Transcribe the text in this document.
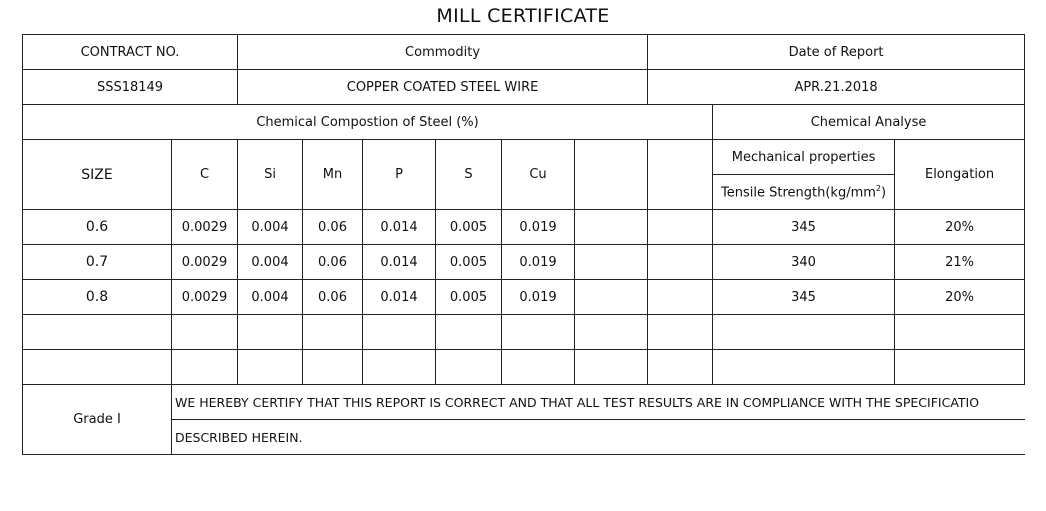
MILL CERTIFICATE
CONTRACT NO.		Commodity						Date of Report		
SSS18149		COPPER COATED STEEL WIRE						APR.21.2018		
Chemical Compostion of Steel (%)									Chemical Analyse	
SIZE	C	Si	Mn	P	S	Cu			Mechanical properties	Elongation
									Tensile $Strength(kg/mm^2)$	
0.6	0.0029	0.004	0.06	0.014	0.005	0.019			345	20%
0.7	0.0029	0.004	0.06	0.014	0.005	0.019			340	21%
0.8	0.0029	0.004	0.06	0.014	0.005	0.019			345	20%

Grade I	WE HEREBY CERTIFY THAT THIS REPORT IS CORRECT AND THAT ALL TEST RESULTS ARE IN COMPLIANCE WITH THE SPECIFICATIO									
	DESCRIBED HEREIN.									
